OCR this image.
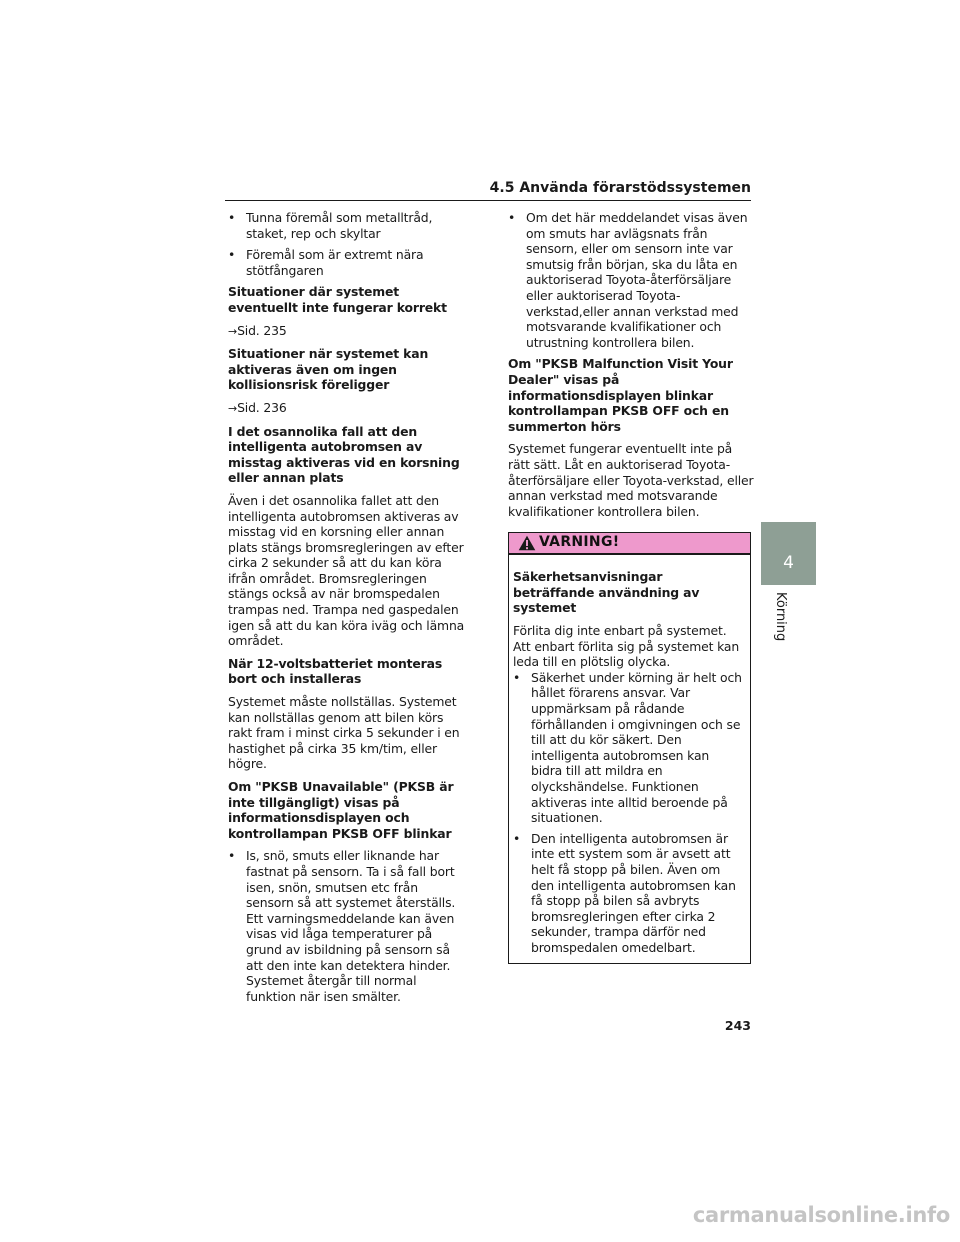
4.5 Använda förarstödssystemen
• Tunna föremål som metalltråd, staket, rep och skyltar
• Föremål som är extremt nära stötfångaren
Situationer där systemet eventuellt inte fungerar korrekt
→Sid. 235
Situationer när systemet kan aktiveras även om ingen kollisionsrisk föreligger
→Sid. 236
I det osannolika fall att den intelligenta autobromsen av misstag aktiveras vid en korsning eller annan plats
Även i det osannolika fallet att den intelligenta autobromsen aktiveras av misstag vid en korsning eller annan plats stängs bromsregleringen av efter cirka 2 sekunder så att du kan köra ifrån området. Bromsregleringen stängs också av när bromspedalen trampas ned. Trampa ned gaspedalen igen så att du kan köra iväg och lämna området.
När 12-voltsbatteriet monteras bort och installeras
Systemet måste nollställas. Systemet kan nollställas genom att bilen körs rakt fram i minst cirka 5 sekunder i en hastighet på cirka 35 km/tim, eller högre.
Om "PKSB Unavailable" (PKSB är inte tillgängligt) visas på informationsdisplayen och kontrollampan PKSB OFF blinkar
• Is, snö, smuts eller liknande har fastnat på sensorn. Ta i så fall bort isen, snön, smutsen etc från sensorn så att systemet återställs. Ett varningsmeddelande kan även visas vid låga temperaturer på grund av isbildning på sensorn så att den inte kan detektera hinder. Systemet återgår till normal funktion när isen smälter.
• Om det här meddelandet visas även om smuts har avlägsnats från sensorn, eller om sensorn inte var smutsig från början, ska du låta en auktoriserad Toyota-återförsäljare eller auktoriserad Toyota-verkstad,eller annan verkstad med motsvarande kvalifikationer och utrustning kontrollera bilen.
Om "PKSB Malfunction Visit Your Dealer" visas på informationsdisplayen blinkar kontrollampan PKSB OFF och en summerton hörs
Systemet fungerar eventuellt inte på rätt sätt. Låt en auktoriserad Toyota-återförsäljare eller Toyota-verkstad, eller annan verkstad med motsvarande kvalifikationer kontrollera bilen.
VARNING!
Säkerhetsanvisningar beträffande användning av systemet
Förlita dig inte enbart på systemet. Att enbart förlita sig på systemet kan leda till en plötslig olycka.
• Säkerhet under körning är helt och hållet förarens ansvar. Var uppmärksam på rådande förhållanden i omgivningen och se till att du kör säkert. Den intelligenta autobromsen kan bidra till att mildra en olyckshändelse. Funktionen aktiveras inte alltid beroende på situationen.
• Den intelligenta autobromsen är inte ett system som är avsett att helt få stopp på bilen. Även om den intelligenta autobromsen kan få stopp på bilen så avbryts bromsregleringen efter cirka 2 sekunder, trampa därför ned bromspedalen omedelbart.
4
Körning
243
carmanualsonline.info
